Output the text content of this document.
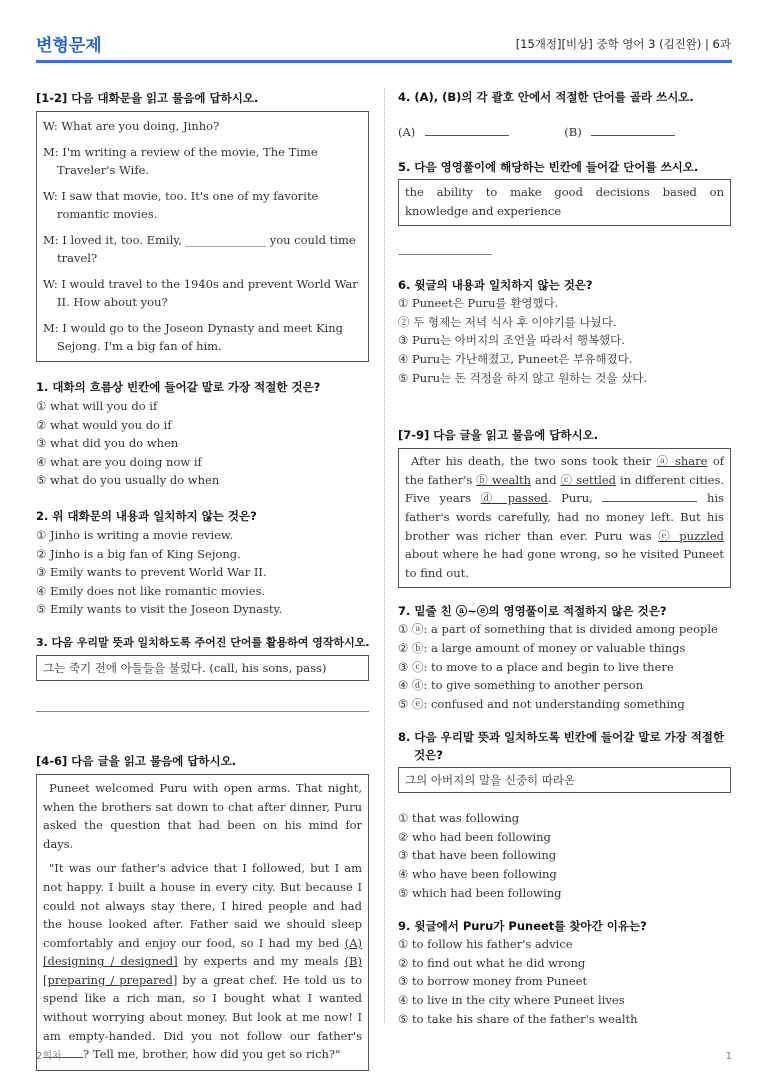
변형문제	[15개정][비상] 중학 영어 3 (김진완) | 6과
[1-2] 다음 대화문을 읽고 물음에 답하시오.

W: What are you doing, Jinho?

M: I'm writing a review of the movie, The Time Traveler's Wife.

W: I saw that movie, too. It's one of my favorite romantic movies.

M: I loved it, too. Emily, ______________ you could time travel?

W: I would travel to the 1940s and prevent World War II. How about you?

M: I would go to the Joseon Dynasty and meet King Sejong. I'm a big fan of him.

1. 대화의 흐름상 빈칸에 들어갈 말로 가장 적절한 것은?
① what will you do if
② what would you do if
③ what did you do when
④ what are you doing now if
⑤ what do you usually do when
2. 위 대화문의 내용과 일치하지 않는 것은?
① Jinho is writing a movie review.
② Jinho is a big fan of King Sejong.
③ Emily wants to prevent World War II.
④ Emily does not like romantic movies.
⑤ Emily wants to visit the Joseon Dynasty.
3. 다음 우리말 뜻과 일치하도록 주어진 단어를 활용하여 영작하시오.
그는 죽기 전에 아들들을 불렀다. (call, his sons, pass)
[4-6] 다음 글을 읽고 물음에 답하시오.
Puneet welcomed Puru with open arms. That night, when the brothers sat down to chat after dinner, Puru asked the question that had been on his mind for days.
"It was our father's advice that I followed, but I am not happy. I built a house in every city. But because I could not always stay there, I hired people and had the house looked after. Father said we should sleep comfortably and enjoy our food, so I had my bed (A) [designing / designed] by experts and my meals (B) [preparing / prepared] by a great chef. He told us to spend like a rich man, so I bought what I wanted without worrying about money. But look at me now! I am empty-handed. Did you not follow our father's ? Tell me, brother, how did you get so rich?"
4. (A), (B)의 각 괄호 안에서 적절한 단어를 골라 쓰시오.
(A)	(B)
5. 다음 영영풀이에 해당하는 빈칸에 들어갈 단어를 쓰시오.
the ability to make good decisions based on knowledge and experience
6. 윗글의 내용과 일치하지 않는 것은?
① Puneet은 Puru를 환영했다.
② 두 형제는 저녁 식사 후 이야기를 나눴다.
③ Puru는 아버지의 조언을 따라서 행복했다.
④ Puru는 가난해졌고, Puneet은 부유해졌다.
⑤ Puru는 돈 걱정을 하지 않고 원하는 것을 샀다.
[7-9] 다음 글을 읽고 물음에 답하시오.
After his death, the two sons took their ⓐ share of the father's ⓑ wealth and ⓒ settled in different cities. Five years ⓓ passed. Puru,	his father's words carefully, had no money left. But his brother was richer than ever. Puru was ⓔ puzzled about where he had gone wrong, so he visited Puneet to find out.
7. 밑줄 친 ⓐ~ⓔ의 영영풀이로 적절하지 않은 것은?
① ⓐ: a part of something that is divided among people
② ⓑ: a large amount of money or valuable things
③ ⓒ: to move to a place and begin to live there
④ ⓓ: to give something to another person
⑤ ⓔ: confused and not understanding something
8. 다음 우리말 뜻과 일치하도록 빈칸에 들어갈 말로 가장 적절한 것은?
그의 아버지의 말을 신중히 따라온
① that was following
② who had been following
③ that have been following
④ who have been following
⑤ which had been following
9. 윗글에서 Puru가 Puneet를 찾아간 이유는?
① to follow his father's advice
② to find out what he did wrong
③ to borrow money from Puneet
④ to live in the city where Puneet lives
⑤ to take his share of the father's wealth
2회차	1
